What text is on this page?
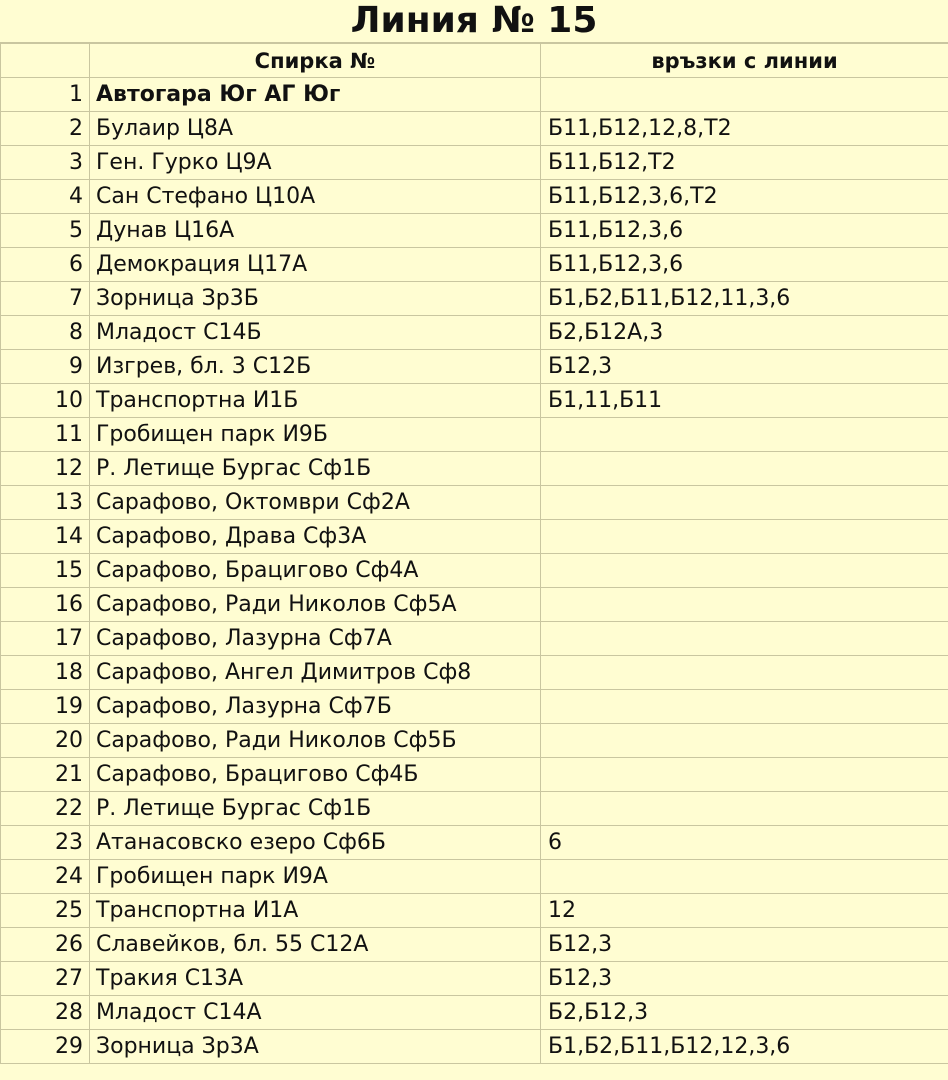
Линия № 15
	Спирка №	връзки с линии
1	Автогара Юг АГ Юг	
2	Булаир Ц8А	Б11,Б12,12,8,Т2
3	Ген. Гурко Ц9А	Б11,Б12,Т2
4	Сан Стефано Ц10А	Б11,Б12,3,6,Т2
5	Дунав Ц16А	Б11,Б12,3,6
6	Демокрация Ц17А	Б11,Б12,3,6
7	Зорница Зр3Б	Б1,Б2,Б11,Б12,11,3,6
8	Младост С14Б	Б2,Б12А,3
9	Изгрев, бл. 3 С12Б	Б12,3
10	Транспортна И1Б	Б1,11,Б11
11	Гробищен парк И9Б	
12	Р. Летище Бургас Сф1Б	
13	Сарафово, Октомври Сф2А	
14	Сарафово, Драва Сф3А	
15	Сарафово, Брацигово Сф4А	
16	Сарафово, Ради Николов Сф5А	
17	Сарафово, Лазурна Сф7А	
18	Сарафово, Ангел Димитров Сф8	
19	Сарафово, Лазурна Сф7Б	
20	Сарафово, Ради Николов Сф5Б	
21	Сарафово, Брацигово Сф4Б	
22	Р. Летище Бургас Сф1Б	
23	Атанасовско езеро Сф6Б	6
24	Гробищен парк И9А	
25	Транспортна И1А	12
26	Славейков, бл. 55 С12А	Б12,3
27	Тракия С13А	Б12,3
28	Младост С14А	Б2,Б12,3
29	Зорница Зр3А	Б1,Б2,Б11,Б12,12,3,6
